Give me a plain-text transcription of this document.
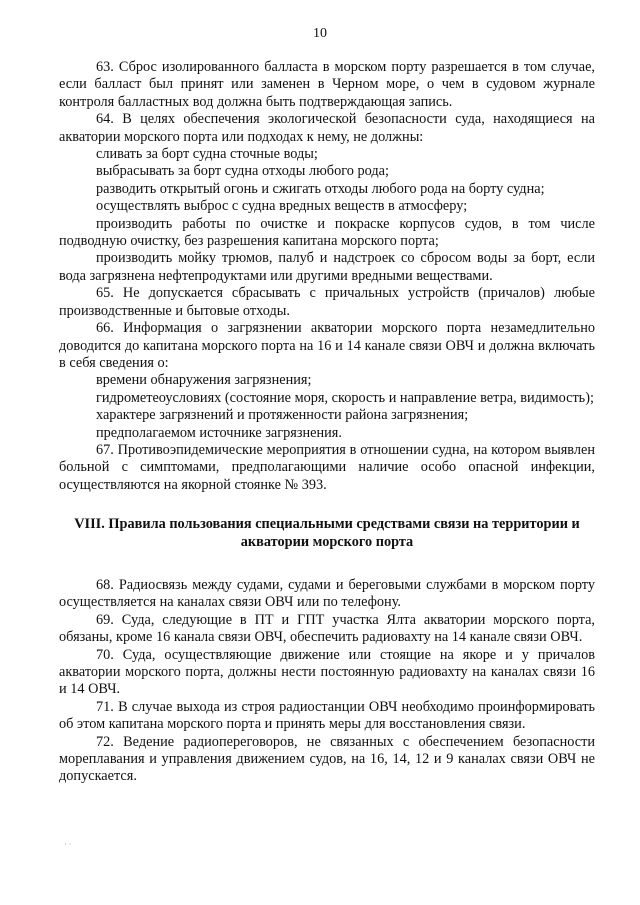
10

63. Сброс изолированного балласта в морском порту разрешается в том случае, если балласт был принят или заменен в Черном море, о чем в судовом журнале контроля балластных вод должна быть подтверждающая запись.

64. В целях обеспечения экологической безопасности суда, находящиеся на акватории морского порта или подходах к нему, не должны:

сливать за борт судна сточные воды;

выбрасывать за борт судна отходы любого рода;

разводить открытый огонь и сжигать отходы любого рода на борту судна;

осуществлять выброс с судна вредных веществ в атмосферу;

производить работы по очистке и покраске корпусов судов, в том числе подводную очистку, без разрешения капитана морского порта;

производить мойку трюмов, палуб и надстроек со сбросом воды за борт, если вода загрязнена нефтепродуктами или другими вредными веществами.

65. Не допускается сбрасывать с причальных устройств (причалов) любые производственные и бытовые отходы.

66. Информация о загрязнении акватории морского порта незамедлительно доводится до капитана морского порта на 16 и 14 канале связи ОВЧ и должна включать в себя сведения о:

времени обнаружения загрязнения;

гидрометеоусловиях (состояние моря, скорость и направление ветра, видимость);

характере загрязнений и протяженности района загрязнения;

предполагаемом источнике загрязнения.

67. Противоэпидемические мероприятия в отношении судна, на котором выявлен больной с симптомами, предполагающими наличие особо опасной инфекции, осуществляются на якорной стоянке № 393.

VIII. Правила пользования специальными средствами связи на территории и
акватории морского порта

68. Радиосвязь между судами, судами и береговыми службами в морском порту осуществляется на каналах связи ОВЧ или по телефону.

69. Суда, следующие в ПТ и ГПТ участка Ялта акватории морского порта, обязаны, кроме 16 канала связи ОВЧ, обеспечить радиовахту на 14 канале связи ОВЧ.

70. Суда, осуществляющие движение или стоящие на якоре и у причалов акватории морского порта, должны нести постоянную радиовахту на каналах связи 16 и 14 ОВЧ.

71. В случае выхода из строя радиостанции ОВЧ необходимо проинформировать об этом капитана морского порта и принять меры для восстановления связи.

72. Ведение радиопереговоров, не связанных с обеспечением безопасности мореплавания и управления движением судов, на 16, 14, 12 и 9 каналах связи ОВЧ не допускается.

· ·
